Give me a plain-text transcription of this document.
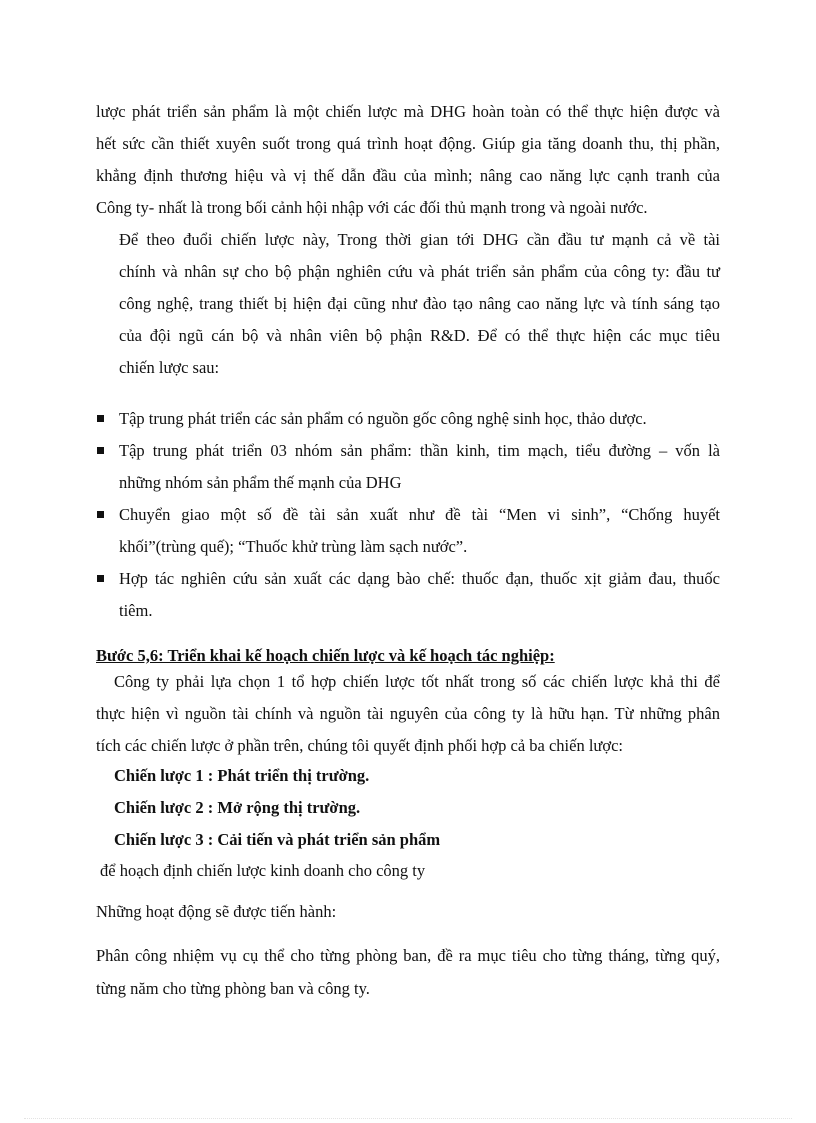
lược phát triển sản phẩm là một chiến lược mà DHG hoàn toàn có thể thực hiện được và
hết sức cần thiết xuyên suốt trong quá trình hoạt động. Giúp gia tăng doanh thu, thị phần,
khẳng định thương hiệu và vị thế dẫn đầu của mình; nâng cao năng lực cạnh tranh của
Công ty- nhất là trong bối cảnh hội nhập với các đối thủ mạnh trong và ngoài nước.
Để theo đuổi chiến lược này, Trong thời gian tới DHG cần đầu tư mạnh cả về tài
chính và nhân sự cho bộ phận nghiên cứu và phát triển sản phẩm của công ty: đầu tư
công nghệ, trang thiết bị hiện đại cũng như đào tạo nâng cao năng lực và tính sáng tạo
của đội ngũ cán bộ và nhân viên bộ phận R&D. Để có thể thực hiện các mục tiêu
chiến lược sau:
Tập trung phát triển các sản phẩm có nguồn gốc công nghệ sinh học, thảo dược.
Tập trung phát triển 03 nhóm sản phẩm: thần kinh, tim mạch, tiểu đường – vốn là
những nhóm sản phẩm thế mạnh của DHG
Chuyển giao một số đề tài sản xuất như đề tài “Men vi sinh”, “Chống huyết
khối”(trùng quế); “Thuốc khử trùng làm sạch nước”.
Hợp tác nghiên cứu sản xuất các dạng bào chế: thuốc đạn, thuốc xịt giảm đau, thuốc
tiêm.
Bước 5,6: Triển khai kế hoạch chiến lược và kế hoạch tác nghiệp:
Công ty phải lựa chọn 1 tổ hợp chiến lược tốt nhất trong số các chiến lược khả thi để
thực hiện vì nguồn tài chính và nguồn tài nguyên của công ty là hữu hạn. Từ những phân
tích các chiến lược ở phần trên, chúng tôi quyết định phối hợp cả ba chiến lược:
Chiến lược 1 : Phát triển thị trường.
Chiến lược 2 : Mở rộng thị trường.
Chiến lược 3 : Cải tiến và phát triển sản phẩm
để hoạch định chiến lược kinh doanh cho công ty
Những hoạt động sẽ được tiến hành:
Phân công nhiệm vụ cụ thể cho từng phòng ban, đề ra mục tiêu cho từng tháng, từng quý,
từng năm cho từng phòng ban và công ty.
